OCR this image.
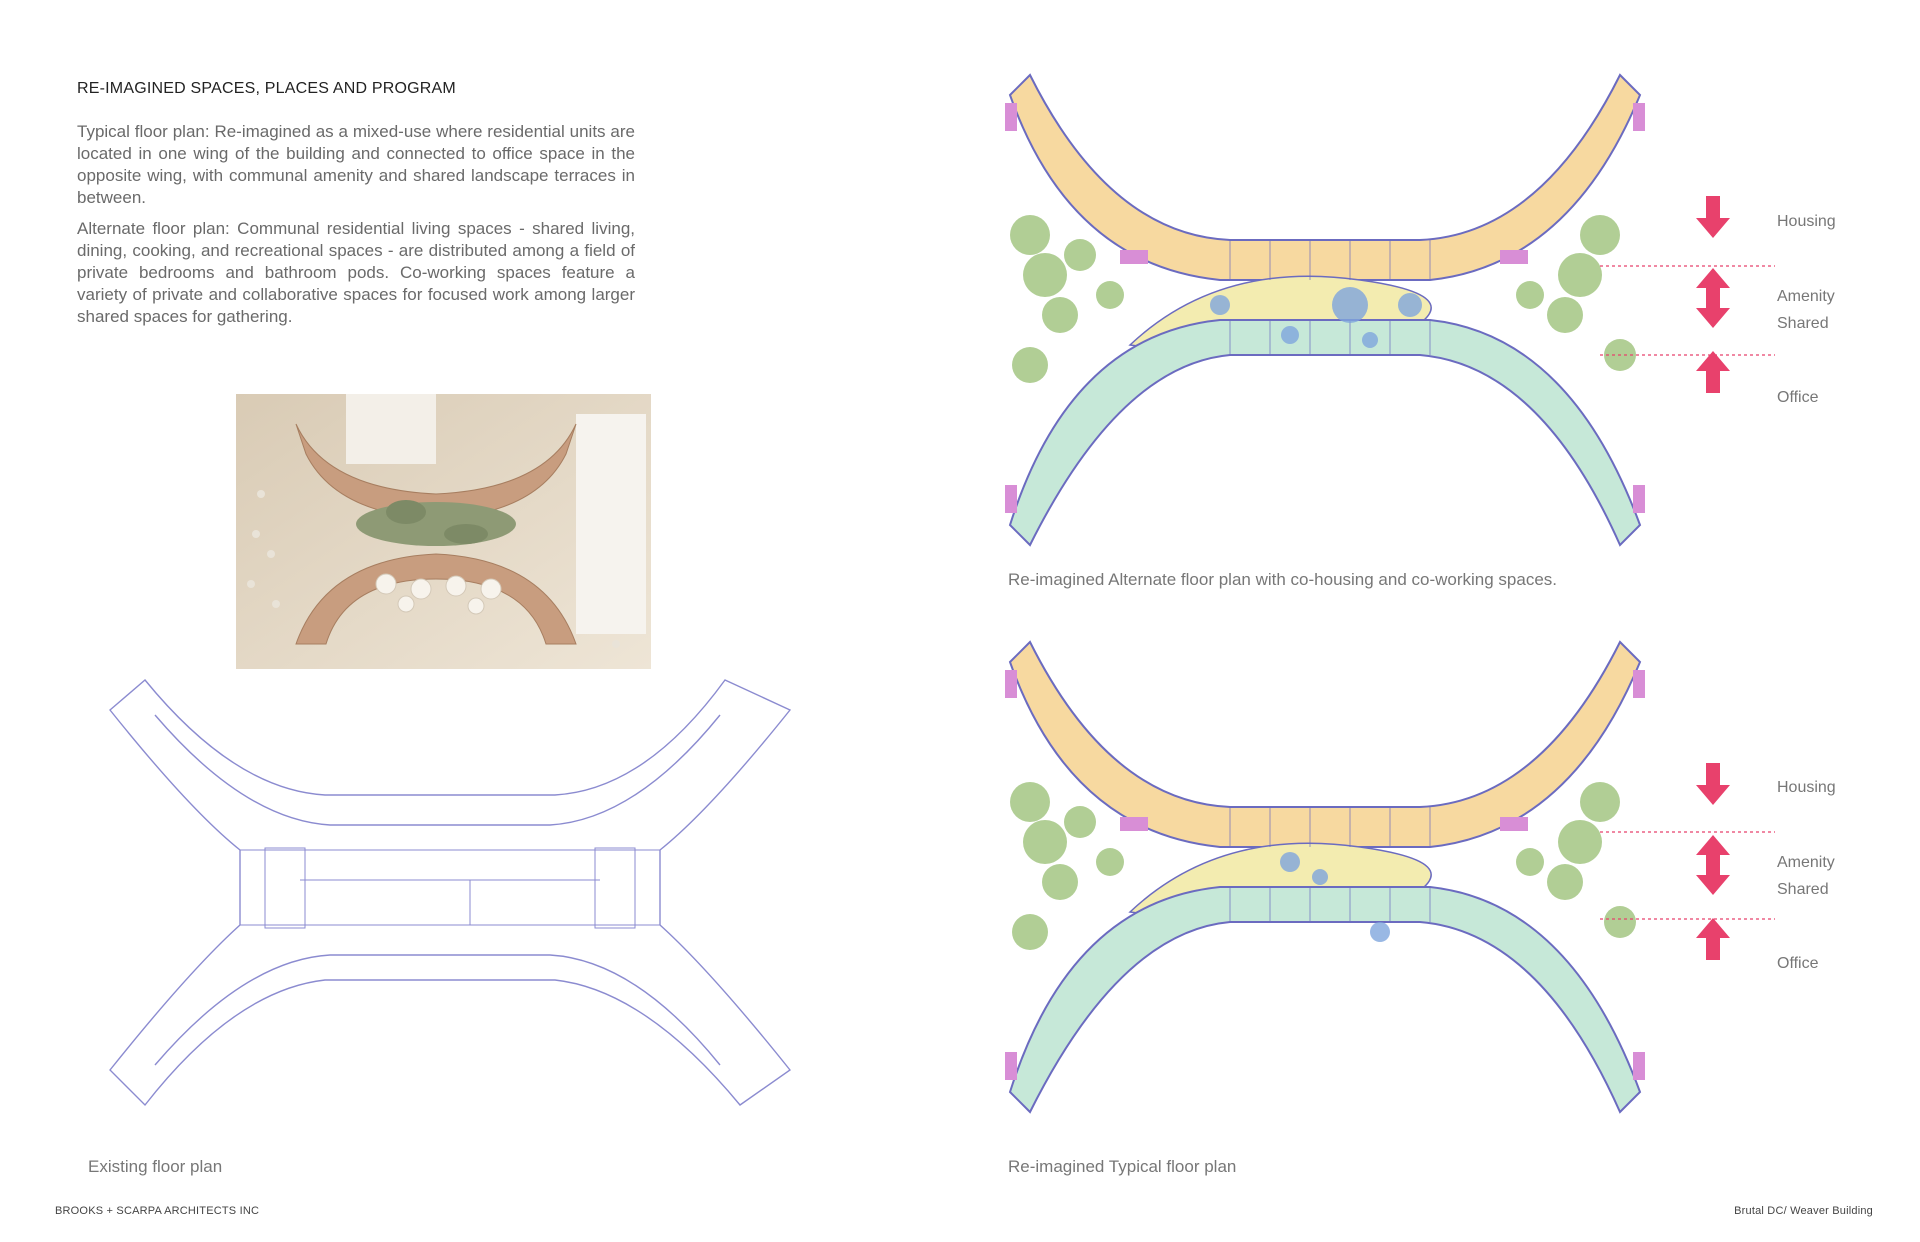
RE-IMAGINED SPACES, PLACES AND PROGRAM
Typical floor plan: Re-imagined as a mixed-use where residential units are located in one wing of the building and connected to office space in the opposite wing, with communal amenity and shared landscape terraces in between.
Alternate floor plan: Communal residential living spaces - shared living, dining, cooking, and recreational spaces - are distributed among a field of private bedrooms and bathroom pods. Co-working spaces feature a variety of private and collaborative spaces for focused work among larger shared spaces for gathering.
Housing
Amenity
Shared
Office
Housing
Amenity
Shared
Office
Existing floor plan
Re-imagined Alternate floor plan with co-housing and co-working spaces.
Re-imagined Typical floor plan
BROOKS + SCARPA ARCHITECTS INC	Brutal DC/ Weaver Building
